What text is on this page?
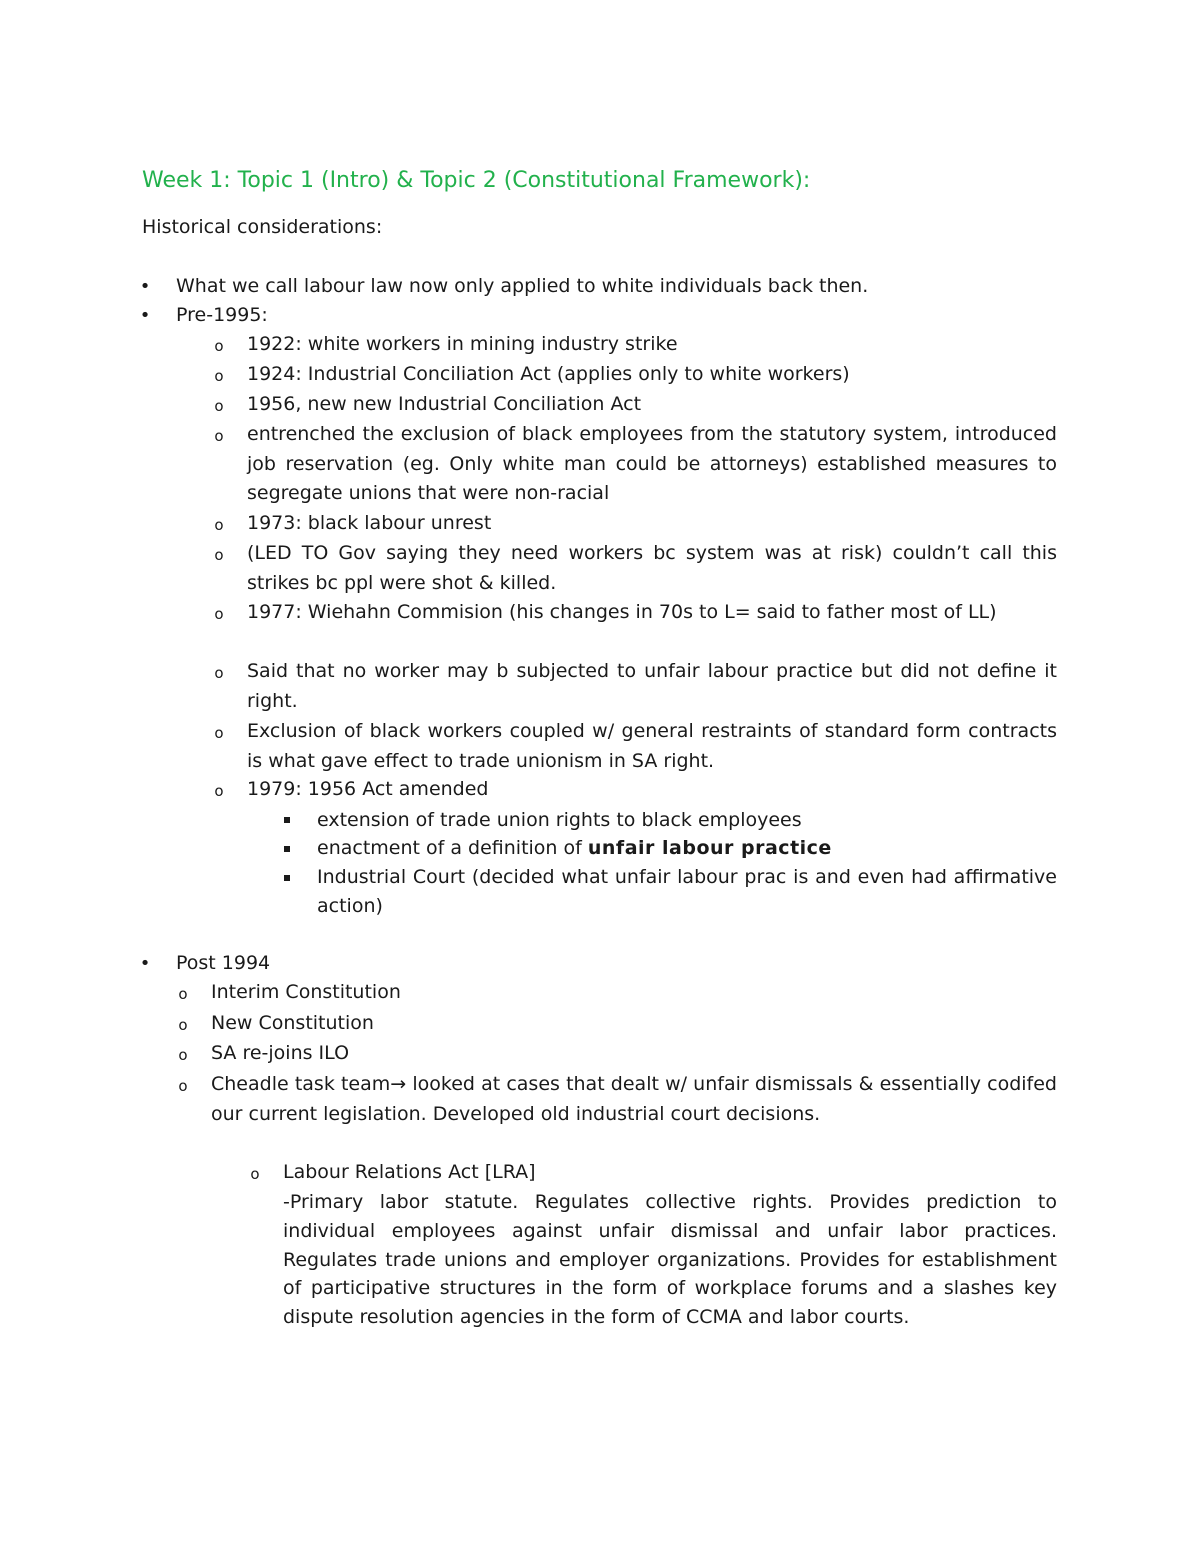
Week 1: Topic 1 (Intro) & Topic 2 (Constitutional Framework):
Historical considerations:
• What we call labour law now only applied to white individuals back then.
• Pre-1995:
o 1922: white workers in mining industry strike
o 1924: Industrial Conciliation Act (applies only to white workers)
o 1956, new new Industrial Conciliation Act
o entrenched the exclusion of black employees from the statutory system, introduced job reservation (eg. Only white man could be attorneys) established measures to segregate unions that were non-racial
o 1973: black labour unrest
o (LED TO Gov saying they need workers bc system was at risk) couldn’t call this strikes bc ppl were shot & killed.
o 1977: Wiehahn Commision (his changes in 70s to L= said to father most of LL)
o Said that no worker may b subjected to unfair labour practice but did not define it right.
o Exclusion of black workers coupled w/ general restraints of standard form contracts is what gave effect to trade unionism in SA right.
o 1979: 1956 Act amended
extension of trade union rights to black employees
enactment of a definition of unfair labour practice
Industrial Court (decided what unfair labour prac is and even had affirmative action)
• Post 1994
o Interim Constitution
o New Constitution
o SA re-joins ILO
o Cheadle task team→ looked at cases that dealt w/ unfair dismissals & essentially codifed our current legislation. Developed old industrial court decisions.
o Labour Relations Act [LRA]
-Primary labor statute. Regulates collective rights. Provides prediction to individual employees against unfair dismissal and unfair labor practices. Regulates trade unions and employer organizations. Provides for establishment of participative structures in the form of workplace forums and a slashes key dispute resolution agencies in the form of CCMA and labor courts.
